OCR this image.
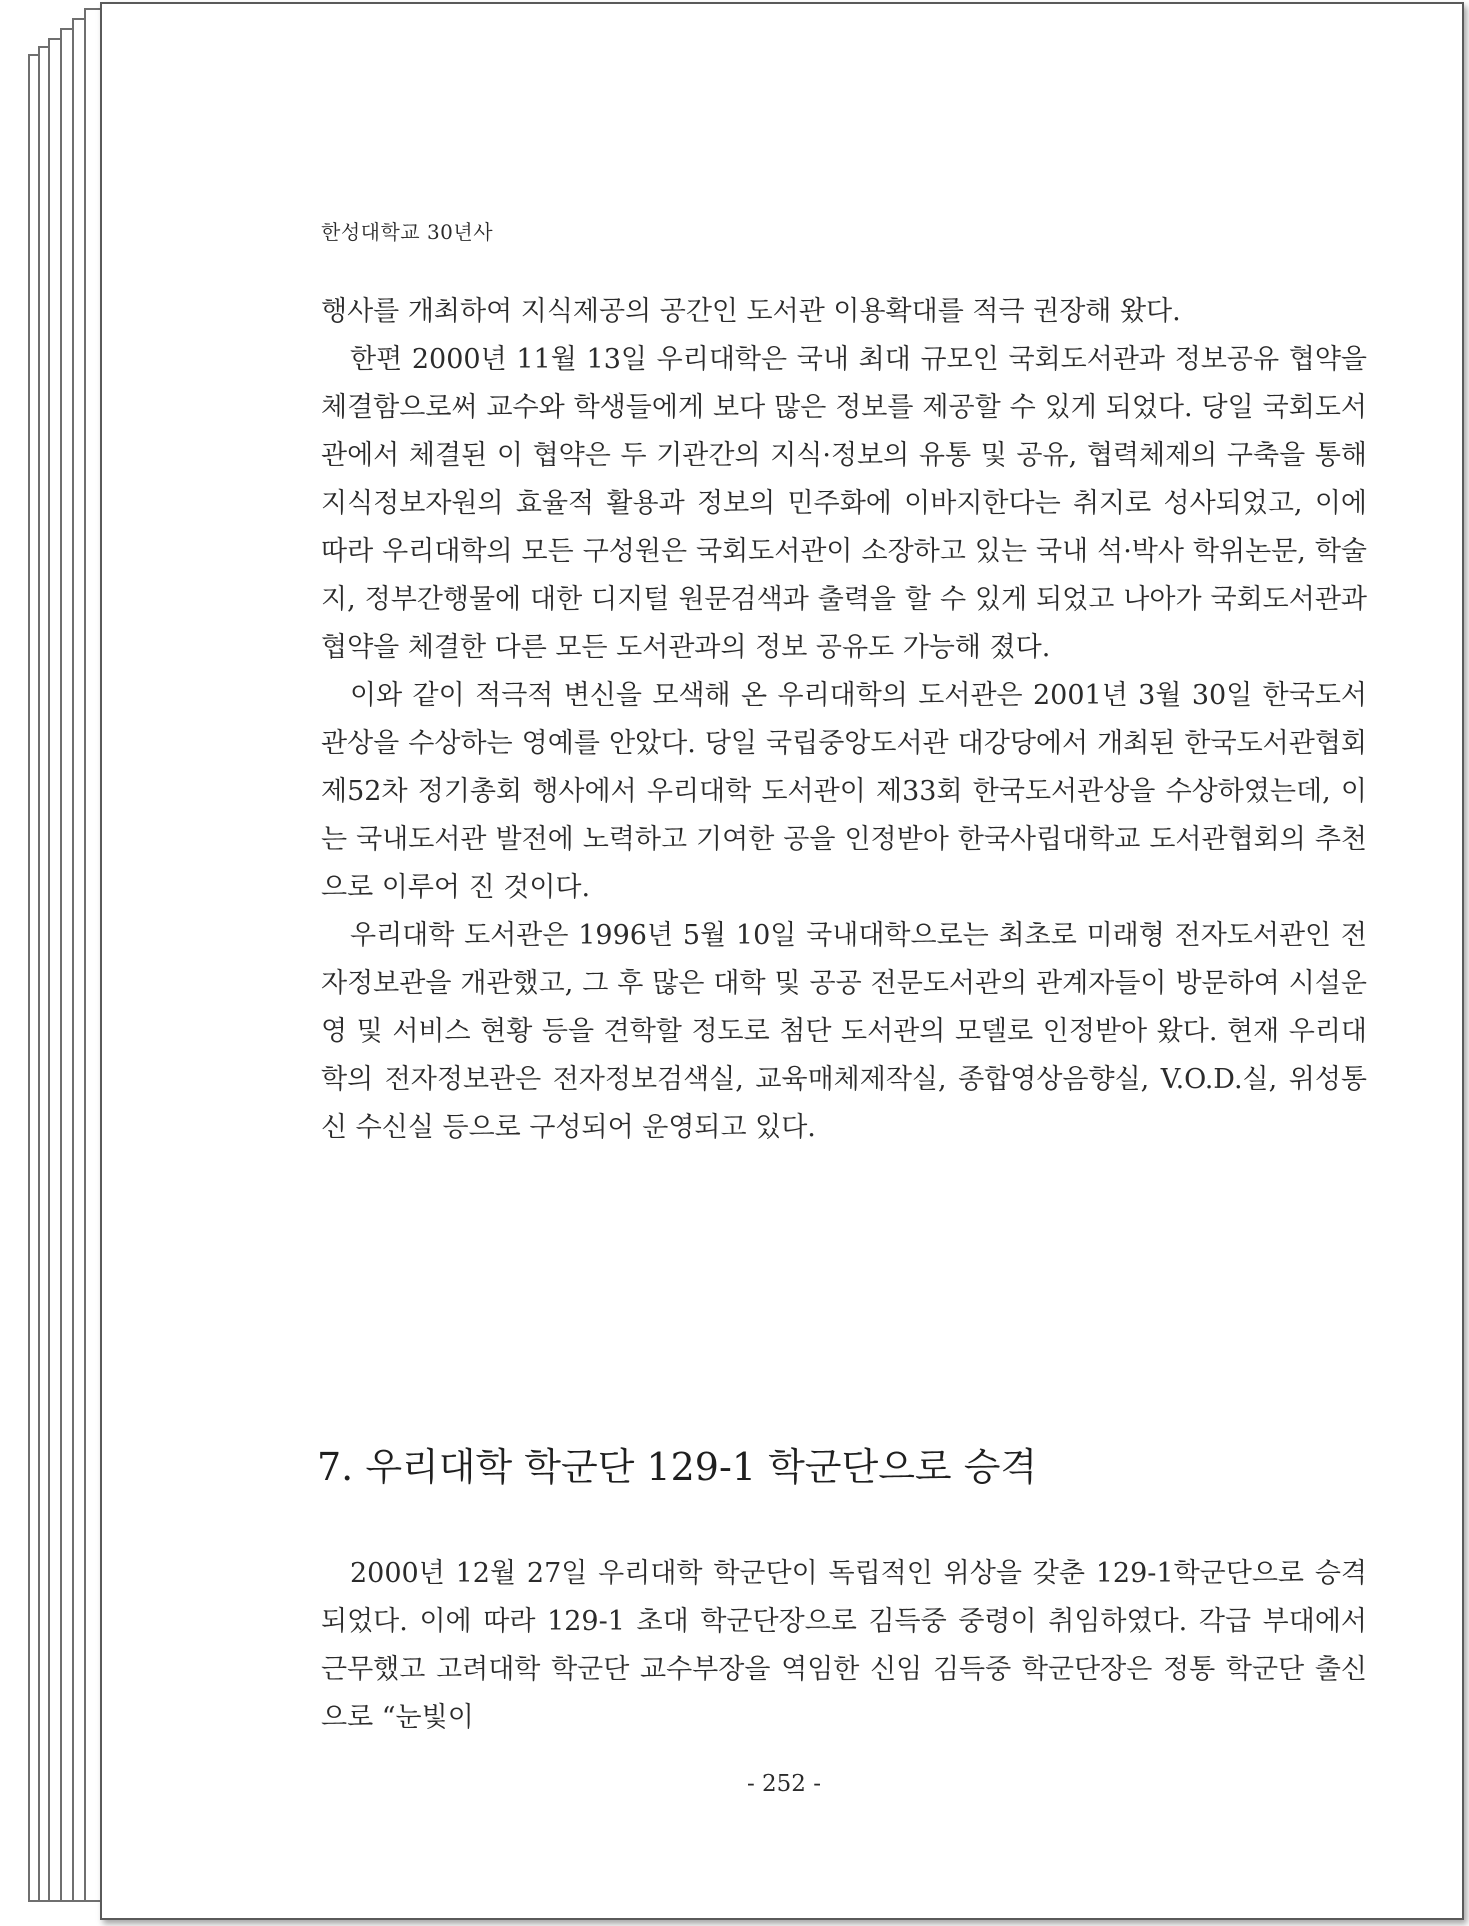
한성대학교 30년사

행사를 개최하여 지식제공의 공간인 도서관 이용확대를 적극 권장해 왔다.

한편 2000년 11월 13일 우리대학은 국내 최대 규모인 국회도서관과 정보공유 협약을 체결함으로써 교수와 학생들에게 보다 많은 정보를 제공할 수 있게 되었다. 당일 국회도서관에서 체결된 이 협약은 두 기관간의 지식·정보의 유통 및 공유, 협력체제의 구축을 통해 지식정보자원의 효율적 활용과 정보의 민주화에 이바지한다는 취지로 성사되었고, 이에 따라 우리대학의 모든 구성원은 국회도서관이 소장하고 있는 국내 석·박사 학위논문, 학술지, 정부간행물에 대한 디지털 원문검색과 출력을 할 수 있게 되었고 나아가 국회도서관과 협약을 체결한 다른 모든 도서관과의 정보 공유도 가능해 졌다.

이와 같이 적극적 변신을 모색해 온 우리대학의 도서관은 2001년 3월 30일 한국도서관상을 수상하는 영예를 안았다. 당일 국립중앙도서관 대강당에서 개최된 한국도서관협회 제52차 정기총회 행사에서 우리대학 도서관이 제33회 한국도서관상을 수상하였는데, 이는 국내도서관 발전에 노력하고 기여한 공을 인정받아 한국사립대학교 도서관협회의 추천으로 이루어 진 것이다.

우리대학 도서관은 1996년 5월 10일 국내대학으로는 최초로 미래형 전자도서관인 전자정보관을 개관했고, 그 후 많은 대학 및 공공 전문도서관의 관계자들이 방문하여 시설운영 및 서비스 현황 등을 견학할 정도로 첨단 도서관의 모델로 인정받아 왔다. 현재 우리대학의 전자정보관은 전자정보검색실, 교육매체제작실, 종합영상음향실, V.O.D.실, 위성통신 수신실 등으로 구성되어 운영되고 있다.

7. 우리대학 학군단 129-1 학군단으로 승격

2000년 12월 27일 우리대학 학군단이 독립적인 위상을 갖춘 129-1학군단으로 승격되었다. 이에 따라 129-1 초대 학군단장으로 김득중 중령이 취임하였다. 각급 부대에서 근무했고 고려대학 학군단 교수부장을 역임한 신임 김득중 학군단장은 정통 학군단 출신으로 “눈빛이

- 252 -
